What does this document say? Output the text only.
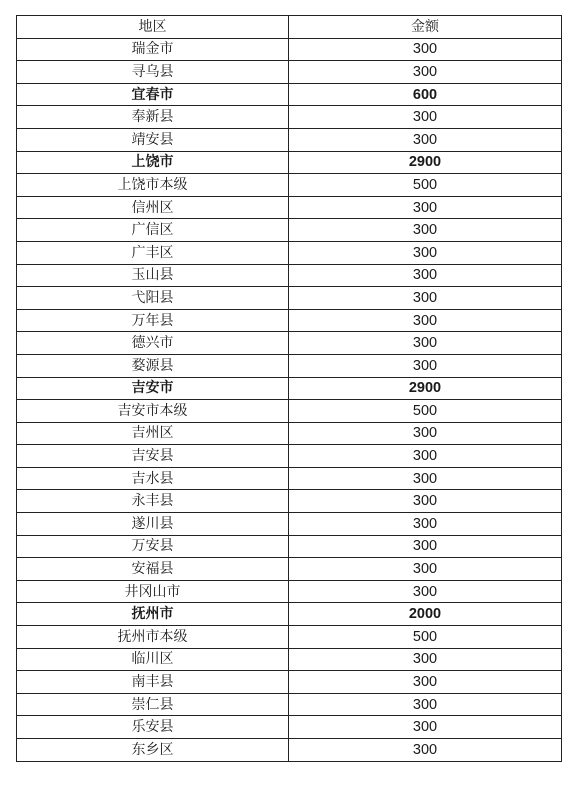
地区	金额
瑞金市	300
寻乌县	300
宜春市	600
奉新县	300
靖安县	300
上饶市	2900
上饶市本级	500
信州区	300
广信区	300
广丰区	300
玉山县	300
弋阳县	300
万年县	300
德兴市	300
婺源县	300
吉安市	2900
吉安市本级	500
吉州区	300
吉安县	300
吉水县	300
永丰县	300
遂川县	300
万安县	300
安福县	300
井冈山市	300
抚州市	2000
抚州市本级	500
临川区	300
南丰县	300
崇仁县	300
乐安县	300
东乡区	300
